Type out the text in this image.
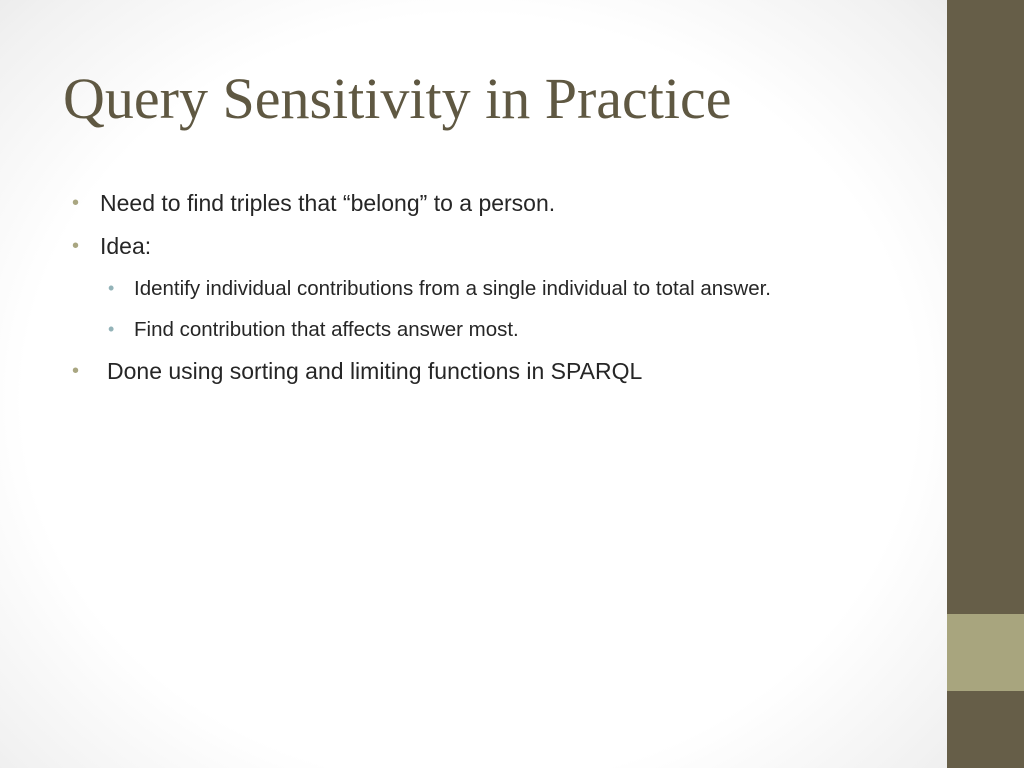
Query Sensitivity in Practice

• Need to find triples that “belong” to a person.

• Idea:

• Identify individual contributions from a single individual to total answer.

• Find contribution that affects answer most.

• Done using sorting and limiting functions in SPARQL
